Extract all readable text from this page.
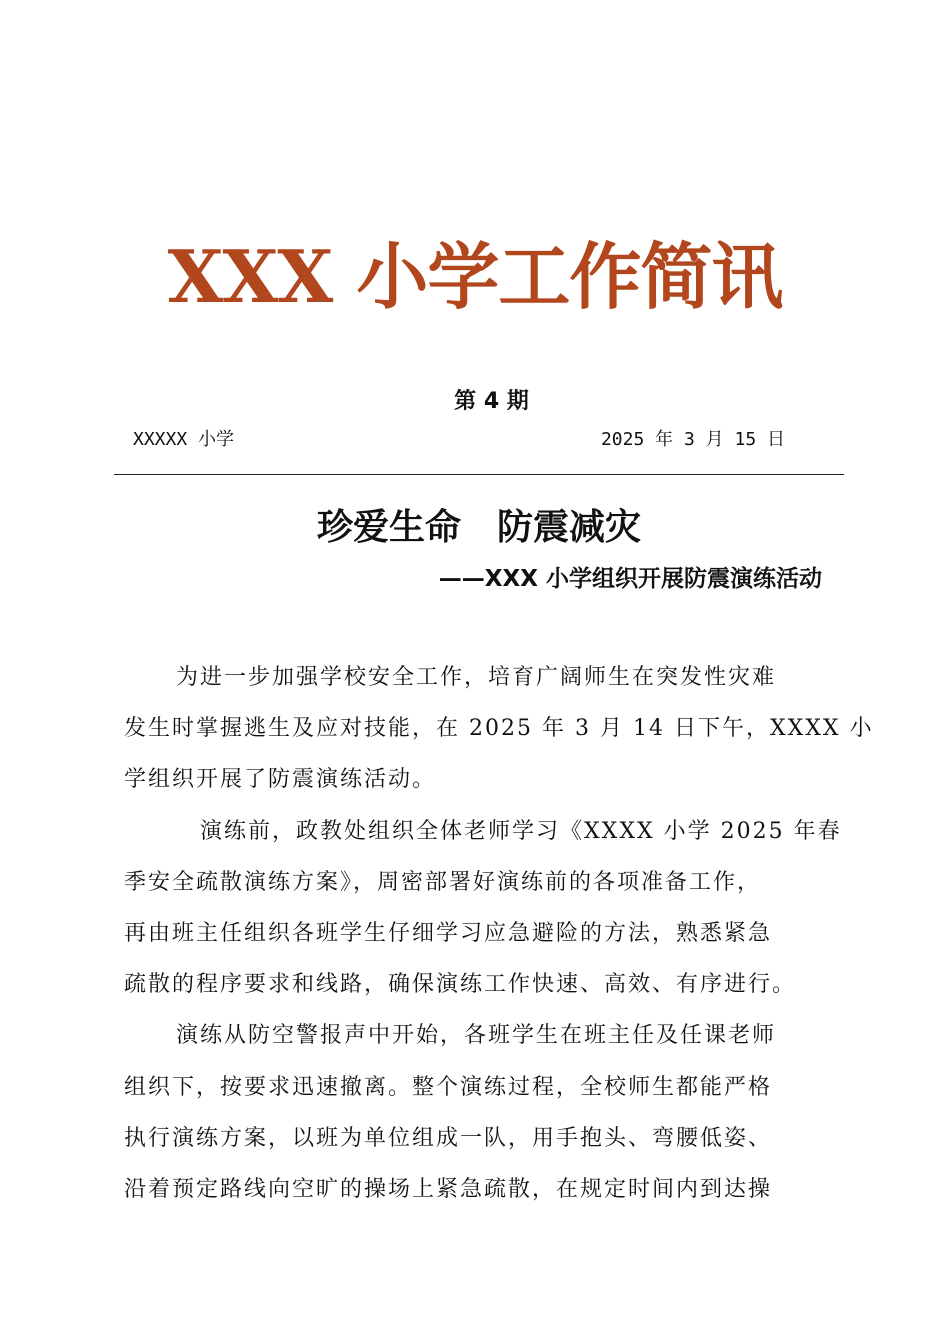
XXX 小学工作简讯
第 4 期
XXXXX 小学	2025 年 3 月 15 日
珍爱生命　防震减灾
——XXX 小学组织开展防震演练活动
为进一步加强学校安全工作，培育广阔师生在突发性灾难
发生时掌握逃生及应对技能，在 2025 年 3 月 14 日下午，XXXX 小
学组织开展了防震演练活动。
演练前，政教处组织全体老师学习《XXXX 小学 2025 年春
季安全疏散演练方案》，周密部署好演练前的各项准备工作，
再由班主任组织各班学生仔细学习应急避险的方法，熟悉紧急
疏散的程序要求和线路，确保演练工作快速、高效、有序进行。
演练从防空警报声中开始，各班学生在班主任及任课老师
组织下，按要求迅速撤离。整个演练过程，全校师生都能严格
执行演练方案，以班为单位组成一队，用手抱头、弯腰低姿、
沿着预定路线向空旷的操场上紧急疏散，在规定时间内到达操
